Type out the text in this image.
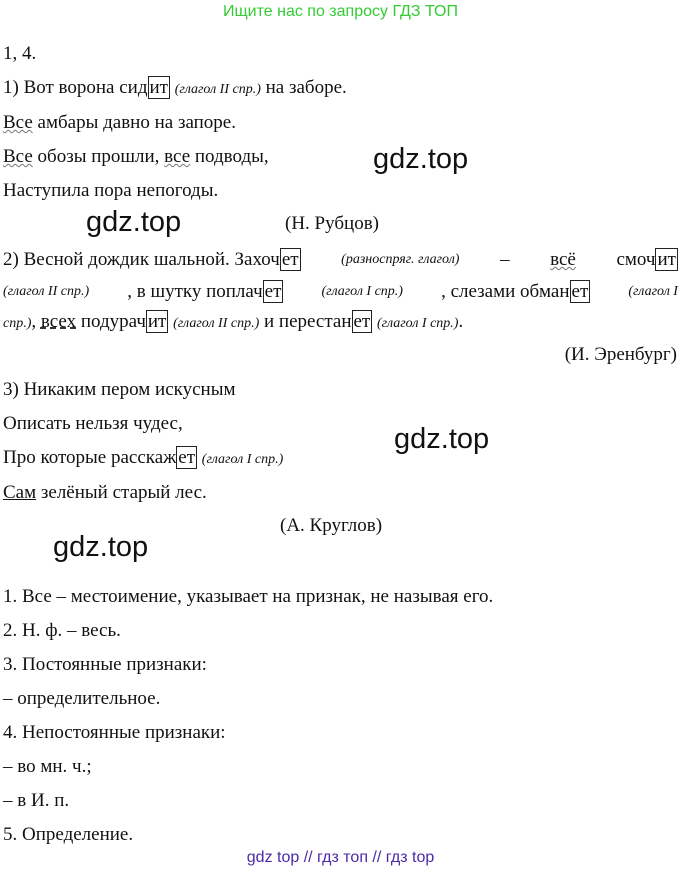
Ищите нас по запросу ГДЗ ТОП
1, 4.
1) Вот ворона сид ит (глагол II спр.) на заборе.
Все амбары давно на запоре.
Все обозы прошли, все подводы,
Наступила пора непогоды.
(Н. Рубцов)
2) Весной дождик шальной. Захоч ет	(разноспряг. глагол) – всё смоч ит
(глагол II спр.) , в шутку поплач ет	(глагол I спр.) , слезами обман ет	(глагол I
спр.), всех подурач ит (глагол II спр.) и перестан ет (глагол I спр.).
(И. Эренбург)
3) Никаким пером искусным
Описать нельзя чудес,
Про которые расскаж ет (глагол I спр.)
Сам зелёный старый лес.
(А. Круглов)
1. Все – местоимение, указывает на признак, не называя его.
2. Н. ф. – весь.
3. Постоянные признаки:
– определительное.
4. Непостоянные признаки:
– во мн. ч.;
– в И. п.
5. Определение.
gdz.top
gdz.top
gdz.top
gdz.top
gdz top // гдз топ // гдз top
